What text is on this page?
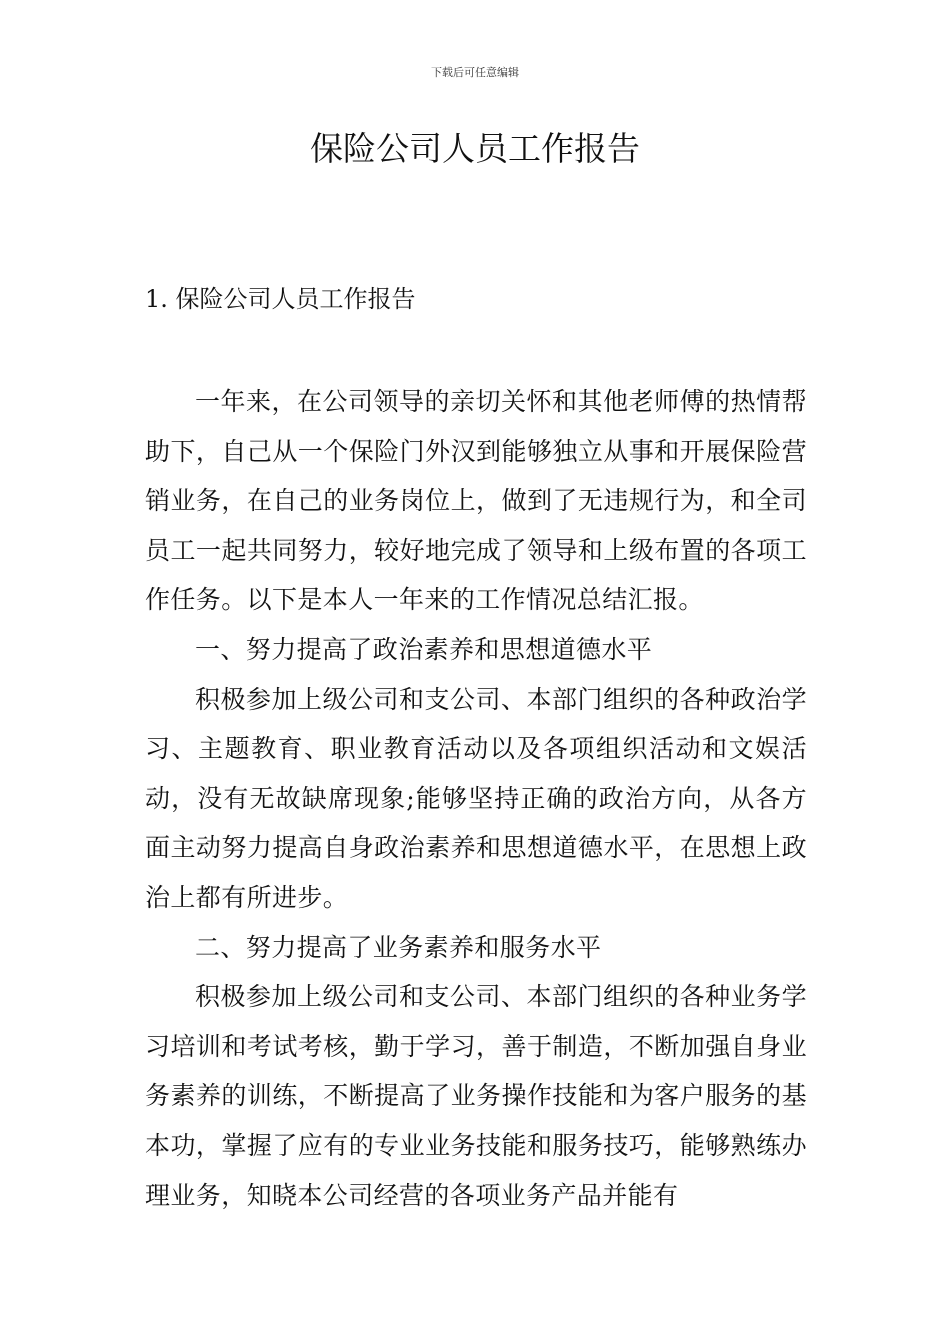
下载后可任意编辑
保险公司人员工作报告
1. 保险公司人员工作报告

一年来，在公司领导的亲切关怀和其他老师傅的热情帮助下，自己从一个保险门外汉到能够独立从事和开展保险营销业务，在自己的业务岗位上，做到了无违规行为，和全司员工一起共同努力，较好地完成了领导和上级布置的各项工作任务。以下是本人一年来的工作情况总结汇报。

一、努力提高了政治素养和思想道德水平

积极参加上级公司和支公司、本部门组织的各种政治学习、主题教育、职业教育活动以及各项组织活动和文娱活动，没有无故缺席现象;能够坚持正确的政治方向，从各方面主动努力提高自身政治素养和思想道德水平，在思想上政治上都有所进步。

二、努力提高了业务素养和服务水平

积极参加上级公司和支公司、本部门组织的各种业务学习培训和考试考核，勤于学习，善于制造，不断加强自身业务素养的训练，不断提高了业务操作技能和为客户服务的基本功，掌握了应有的专业业务技能和服务技巧，能够熟练办理业务，知晓本公司经营的各项业务产品并能有
